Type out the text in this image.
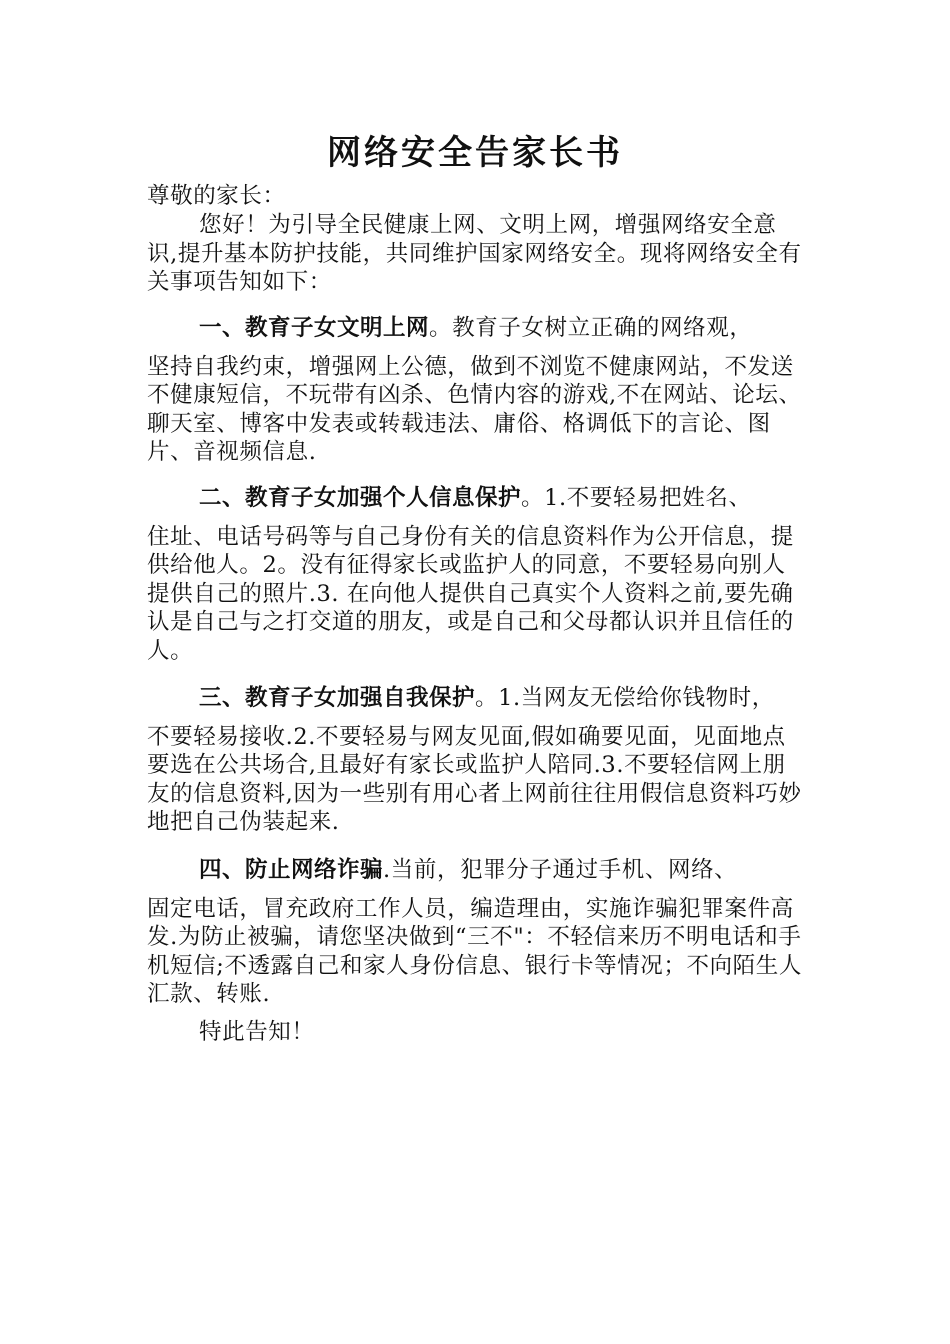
网络安全告家长书
尊敬的家长：
您好！为引导全民健康上网、文明上网，增强网络安全意识,提升基本防护技能，共同维护国家网络安全。现将网络安全有关事项告知如下：
一、教育子女文明上网。教育子女树立正确的网络观，
坚持自我约束，增强网上公德，做到不浏览不健康网站，不发送不健康短信，不玩带有凶杀、色情内容的游戏,不在网站、论坛、聊天室、博客中发表或转载违法、庸俗、格调低下的言论、图片、音视频信息.
二、教育子女加强个人信息保护。1.不要轻易把姓名、
住址、电话号码等与自己身份有关的信息资料作为公开信息，提供给他人。2。没有征得家长或监护人的同意，不要轻易向别人提供自己的照片.3. 在向他人提供自己真实个人资料之前,要先确认是自己与之打交道的朋友，或是自己和父母都认识并且信任的人。
三、教育子女加强自我保护。1.当网友无偿给你钱物时，
不要轻易接收.2.不要轻易与网友见面,假如确要见面，见面地点要选在公共场合,且最好有家长或监护人陪同.3.不要轻信网上朋友的信息资料,因为一些别有用心者上网前往往用假信息资料巧妙地把自己伪装起来.
四、防止网络诈骗.当前，犯罪分子通过手机、网络、
固定电话，冒充政府工作人员，编造理由，实施诈骗犯罪案件高发.为防止被骗，请您坚决做到“三不"：不轻信来历不明电话和手机短信;不透露自己和家人身份信息、银行卡等情况；不向陌生人汇款、转账.
特此告知！
